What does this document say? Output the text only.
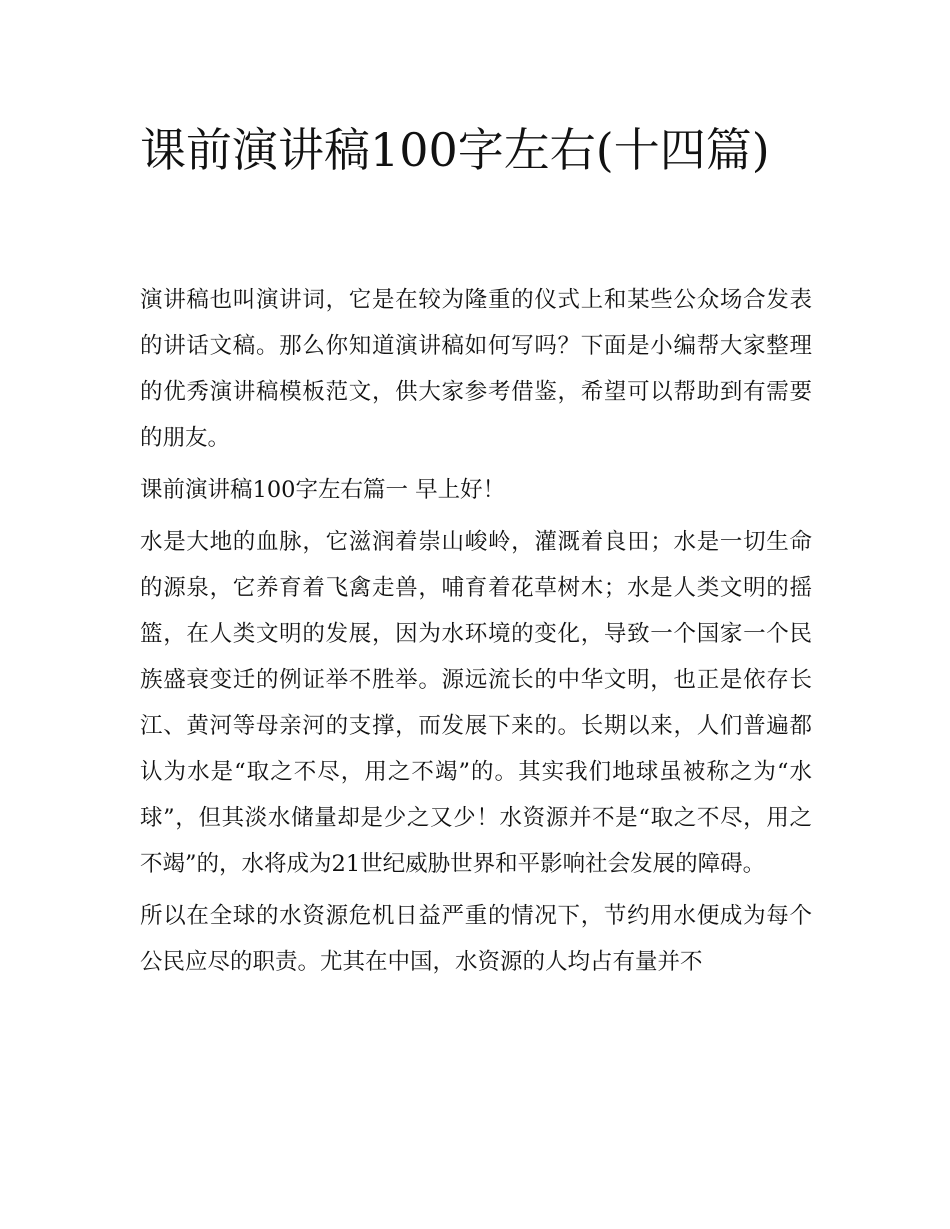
课前演讲稿100字左右(十四篇)

演讲稿也叫演讲词，它是在较为隆重的仪式上和某些公众场合发表的讲话文稿。那么你知道演讲稿如何写吗？下面是小编帮大家整理的优秀演讲稿模板范文，供大家参考借鉴，希望可以帮助到有需要的朋友。

课前演讲稿100字左右篇一 早上好！

水是大地的血脉，它滋润着崇山峻岭，灌溉着良田；水是一切生命的源泉，它养育着飞禽走兽，哺育着花草树木；水是人类文明的摇篮，在人类文明的发展，因为水环境的变化，导致一个国家一个民族盛衰变迁的例证举不胜举。源远流长的中华文明，也正是依存长江、黄河等母亲河的支撑，而发展下来的。长期以来，人们普遍都认为水是“取之不尽，用之不竭”的。其实我们地球虽被称之为“水球”，但其淡水储量却是少之又少！水资源并不是“取之不尽，用之不竭”的，水将成为21世纪威胁世界和平影响社会发展的障碍。

所以在全球的水资源危机日益严重的情况下，节约用水便成为每个公民应尽的职责。尤其在中国，水资源的人均占有量并不
